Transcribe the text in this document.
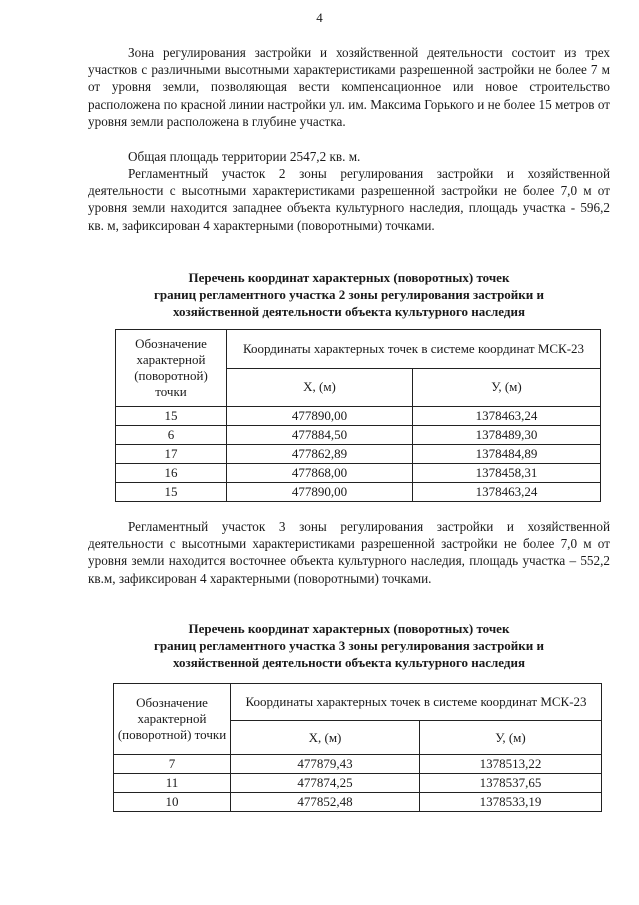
4

Зона регулирования застройки и хозяйственной деятельности состоит из трех участков с различными высотными характеристиками разрешенной застройки не более 7 м от уровня земли, позволяющая вести компенсационное или новое строительство расположена по красной линии настройки ул. им. Максима Горького и не более 15 метров от уровня земли расположена в глубине участка.

Общая площадь территории 2547,2 кв. м.

Регламентный участок 2 зоны регулирования застройки и хозяйственной деятельности с высотными характеристиками разрешенной застройки не более 7,0 м от уровня земли находится западнее объекта культурного наследия, площадь участка - 596,2 кв. м, зафиксирован 4 характерными (поворотными) точками.

Перечень координат характерных (поворотных) точек
границ регламентного участка 2 зоны регулирования застройки и
хозяйственной деятельности объекта культурного наследия
Обозначение характерной (поворотной) точки	Координаты характерных точек в системе координат МСК-23	
	Х, (м)	У, (м)
15	477890,00	1378463,24
6	477884,50	1378489,30
17	477862,89	1378484,89
16	477868,00	1378458,31
15	477890,00	1378463,24

Регламентный участок 3 зоны регулирования застройки и хозяйственной деятельности с высотными характеристиками разрешенной застройки не более 7,0 м от уровня земли находится восточнее объекта культурного наследия, площадь участка – 552,2 кв.м, зафиксирован 4 характерными (поворотными) точками.

Перечень координат характерных (поворотных) точек
границ регламентного участка 3 зоны регулирования застройки и
хозяйственной деятельности объекта культурного наследия
Обозначение характерной (поворотной) точки	Координаты характерных точек в системе координат МСК-23	
	Х, (м)	У, (м)
7	477879,43	1378513,22
11	477874,25	1378537,65
10	477852,48	1378533,19
